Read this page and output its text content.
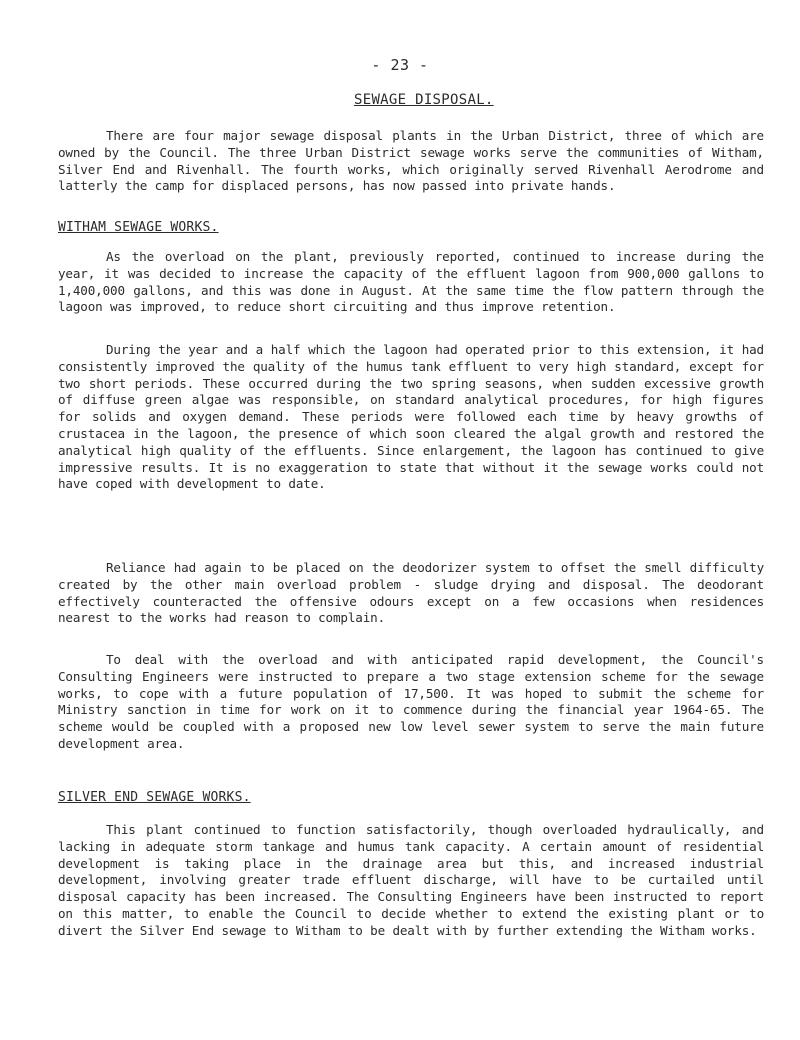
- 23 -
SEWAGE DISPOSAL.

There are four major sewage disposal plants in the Urban District, three of which are owned by the Council. The three Urban District sewage works serve the communities of Witham, Silver End and Rivenhall. The fourth works, which originally served Rivenhall Aerodrome and latterly the camp for displaced persons, has now passed into private hands.

WITHAM SEWAGE WORKS.

As the overload on the plant, previously reported, continued to increase during the year, it was decided to increase the capacity of the effluent lagoon from 900,000 gallons to 1,400,000 gallons, and this was done in August. At the same time the flow pattern through the lagoon was improved, to reduce short circuiting and thus improve retention.

During the year and a half which the lagoon had operated prior to this extension, it had consistently improved the quality of the humus tank effluent to very high standard, except for two short periods. These occurred during the two spring seasons, when sudden excessive growth of diffuse green algae was responsible, on standard analytical procedures, for high figures for solids and oxygen demand. These periods were followed each time by heavy growths of crustacea in the lagoon, the presence of which soon cleared the algal growth and restored the analytical high quality of the effluents. Since enlargement, the lagoon has continued to give impressive results. It is no exaggeration to state that without it the sewage works could not have coped with development to date.

Reliance had again to be placed on the deodorizer system to offset the smell difficulty created by the other main overload problem - sludge drying and disposal. The deodorant effectively counteracted the offensive odours except on a few occasions when residences nearest to the works had reason to complain.

To deal with the overload and with anticipated rapid development, the Council's Consulting Engineers were instructed to prepare a two stage extension scheme for the sewage works, to cope with a future population of 17,500. It was hoped to submit the scheme for Ministry sanction in time for work on it to commence during the financial year 1964-65. The scheme would be coupled with a proposed new low level sewer system to serve the main future development area.

SILVER END SEWAGE WORKS.

This plant continued to function satisfactorily, though overloaded hydraulically, and lacking in adequate storm tankage and humus tank capacity. A certain amount of residential development is taking place in the drainage area but this, and increased industrial development, involving greater trade effluent discharge, will have to be curtailed until disposal capacity has been increased. The Consulting Engineers have been instructed to report on this matter, to enable the Council to decide whether to extend the existing plant or to divert the Silver End sewage to Witham to be dealt with by further extending the Witham works.
